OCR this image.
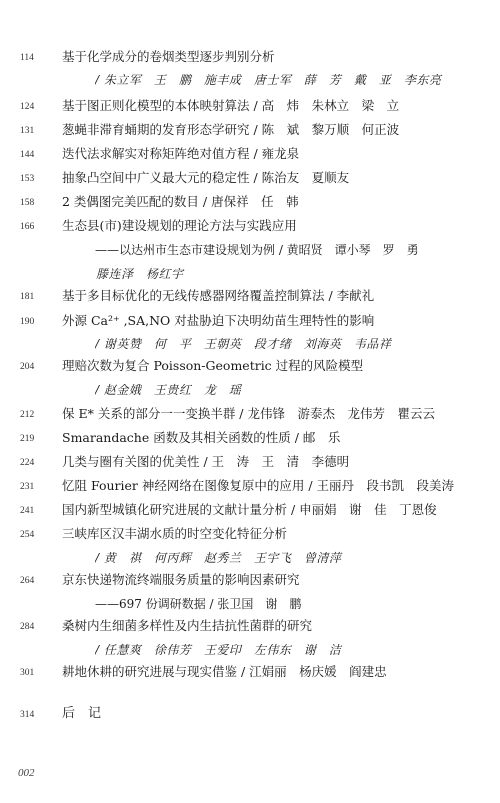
114	基于化学成分的卷烟类型逐步判别分析
/ 朱立军　王　鹏　施丰成　唐士军　薛　芳　戴　亚　李东亮
124	基于图正则化模型的本体映射算法 / 高　炜　朱林立　梁　立
131	葱蝇非滞育蛹期的发育形态学研究 / 陈　斌　黎万顺　何正波
144	迭代法求解实对称矩阵绝对值方程 / 雍龙泉
153	抽象凸空间中广义最大元的稳定性 / 陈治友　夏顺友
158	2 类偶图完美匹配的数目 / 唐保祥　任　韩
166	生态县(市)建设规划的理论方法与实践应用
——以达州市生态市建设规划为例 / 黄昭贤　谭小琴　罗　勇
滕连泽　杨红宇
181	基于多目标优化的无线传感器网络覆盖控制算法 / 李献礼
190	外源 Ca²⁺ ,SA,NO 对盐胁迫下决明幼苗生理特性的影响
/ 谢英赞　何　平　王朝英　段才绪　刘海英　韦品祥
204	理赔次数为复合 Poisson-Geometric 过程的风险模型
/ 赵金娥　王贵红　龙　瑶
212	保 E* 关系的部分一一变换半群 / 龙伟锋　游泰杰　龙伟芳　瞿云云
219	Smarandache 函数及其相关函数的性质 / 邮　乐
224	几类与圈有关图的优美性 / 王　涛　王　清　李德明
231	忆阻 Fourier 神经网络在图像复原中的应用 / 王丽丹　段书凯　段美涛
241	国内新型城镇化研究进展的文献计量分析 / 申丽娟　谢　佳　丁恩俊
254	三峡库区汉丰湖水质的时空变化特征分析
/ 黄　祺　何丙辉　赵秀兰　王宇飞　曾清萍
264	京东快递物流终端服务质量的影响因素研究
——697 份调研数据 / 张卫国　谢　鹏
284	桑树内生细菌多样性及内生拮抗性菌群的研究
/ 任慧爽　徐伟芳　王爱印　左伟东　谢　洁
301	耕地休耕的研究进展与现实借鉴 / 江娟丽　杨庆媛　阎建忠
314	后　记
002
